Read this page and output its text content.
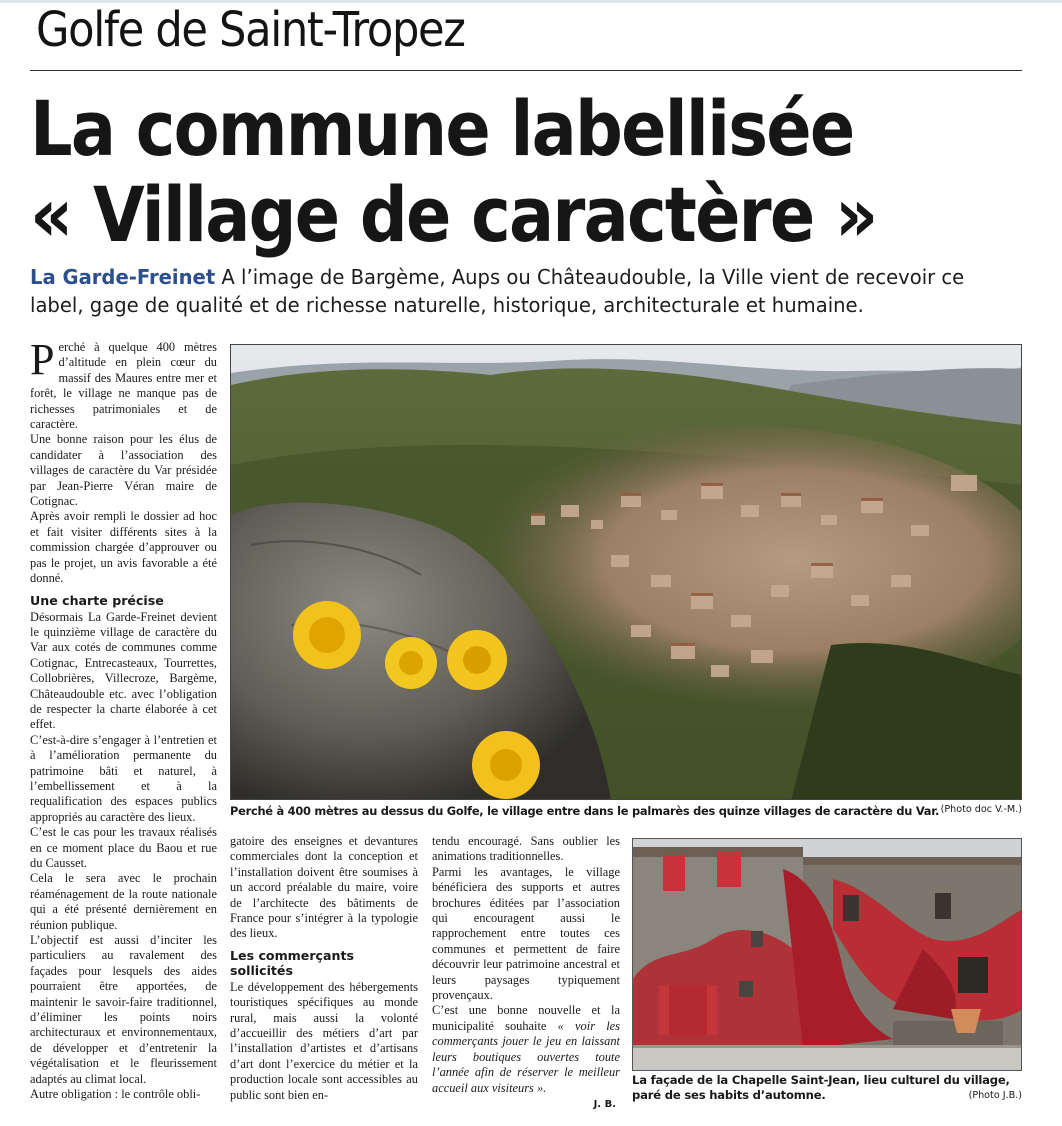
Golfe de Saint-Tropez
La commune labellisée
« Village de caractère »
La Garde-Freinet A l’image de Bargème, Aups ou Châteaudouble, la Ville vient de recevoir ce label, gage de qualité et de richesse naturelle, historique, architecturale et humaine.

Perché à quelque 400 mètres d’altitude en plein cœur du massif des Maures entre mer et forêt, le village ne manque pas de richesses patrimoniales et de caractère.

Une bonne raison pour les élus de candidater à l’association des villages de caractère du Var présidée par Jean-Pierre Véran maire de Cotignac.

Après avoir rempli le dossier ad hoc et fait visiter différents sites à la commission chargée d’approuver ou pas le projet, un avis favorable a été donné.

Une charte précise

Désormais La Garde-Freinet devient le quinzième village de caractère du Var aux cotés de communes comme Cotignac, Entrecasteaux, Tourrettes, Collobrières, Villecroze, Bargème, Châteaudouble etc. avec l’obligation de respecter la charte élaborée à cet effet.

C’est-à-dire s’engager à l’entretien et à l’amélioration permanente du patrimoine bâti et naturel, à l’embellissement et à la requalification des espaces publics appropriés au caractère des lieux.

C’est le cas pour les travaux réalisés en ce moment place du Baou et rue du Causset.

Cela le sera avec le prochain réaménagement de la route nationale qui a été présenté dernièrement en réunion publique.

L’objectif est aussi d’inciter les particuliers au ravalement des façades pour lesquels des aides pourraient être apportées, de maintenir le savoir-faire traditionnel, d’éliminer les points noirs architecturaux et environnementaux, de développer et d’entretenir la végétalisation et le fleurissement adaptés au climat local.

Autre obligation : le contrôle obli-

gatoire des enseignes et devantures commerciales dont la conception et l’installation doivent être soumises à un accord préalable du maire, voire de l’architecte des bâtiments de France pour s’intégrer à la typologie des lieux.

Les commerçants sollicités

Le développement des hébergements touristiques spécifiques au monde rural, mais aussi la volonté d’accueillir des métiers d’art par l’installation d’artistes et d’artisans d’art dont l’exercice du métier et la production locale sont accessibles au public sont bien en-

tendu encouragé. Sans oublier les animations traditionnelles.

Parmi les avantages, le village bénéficiera des supports et autres brochures éditées par l’association qui encouragent aussi le rapprochement entre toutes ces communes et permettent de faire découvrir leur patrimoine ancestral et leurs paysages typiquement provençaux.

C’est une bonne nouvelle et la municipalité souhaite « voir les commerçants jouer le jeu en laissant leurs boutiques ouvertes toute l’année afin de réserver le meilleur accueil aux visiteurs ».

J. B.
Perché à 400 mètres au dessus du Golfe, le village entre dans le palmarès des quinze villages de caractère du Var. (Photo doc V.-M.)
La façade de la Chapelle Saint-Jean, lieu culturel du village, paré de ses habits d’automne.	(Photo J.B.)
